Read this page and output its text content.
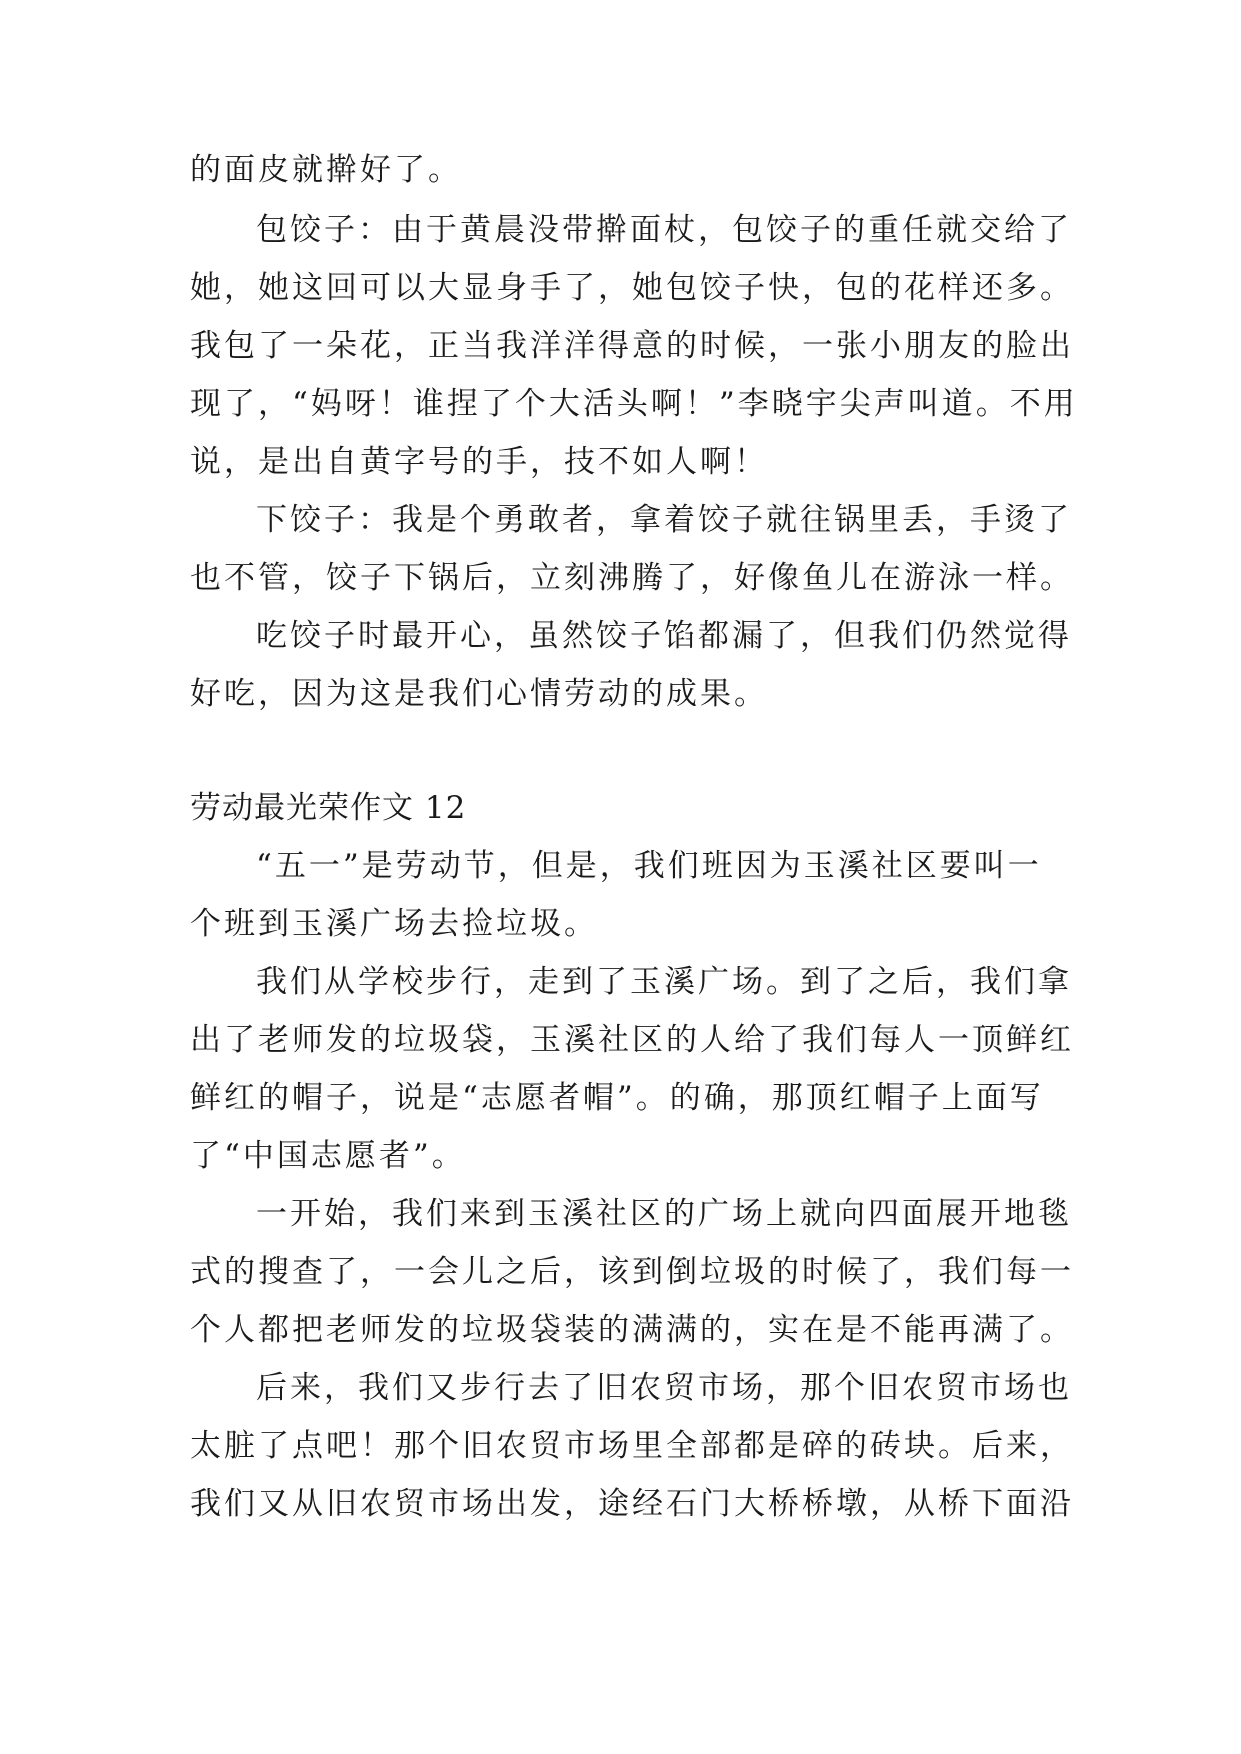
的面皮就擀好了。
包饺子：由于黄晨没带擀面杖，包饺子的重任就交给了
她，她这回可以大显身手了，她包饺子快，包的花样还多。
我包了一朵花，正当我洋洋得意的时候，一张小朋友的脸出
现了，“妈呀！谁捏了个大活头啊！”李晓宇尖声叫道。不用
说，是出自黄字号的手，技不如人啊！
下饺子：我是个勇敢者，拿着饺子就往锅里丢，手烫了
也不管，饺子下锅后，立刻沸腾了，好像鱼儿在游泳一样。
吃饺子时最开心，虽然饺子馅都漏了，但我们仍然觉得
好吃，因为这是我们心情劳动的成果。
劳动最光荣作文 12
“五一”是劳动节，但是，我们班因为玉溪社区要叫一
个班到玉溪广场去捡垃圾。
我们从学校步行，走到了玉溪广场。到了之后，我们拿
出了老师发的垃圾袋，玉溪社区的人给了我们每人一顶鲜红
鲜红的帽子，说是“志愿者帽”。的确，那顶红帽子上面写
了“中国志愿者”。
一开始，我们来到玉溪社区的广场上就向四面展开地毯
式的搜查了，一会儿之后，该到倒垃圾的时候了，我们每一
个人都把老师发的垃圾袋装的满满的，实在是不能再满了。
后来，我们又步行去了旧农贸市场，那个旧农贸市场也
太脏了点吧！那个旧农贸市场里全部都是碎的砖块。后来，
我们又从旧农贸市场出发，途经石门大桥桥墩，从桥下面沿
